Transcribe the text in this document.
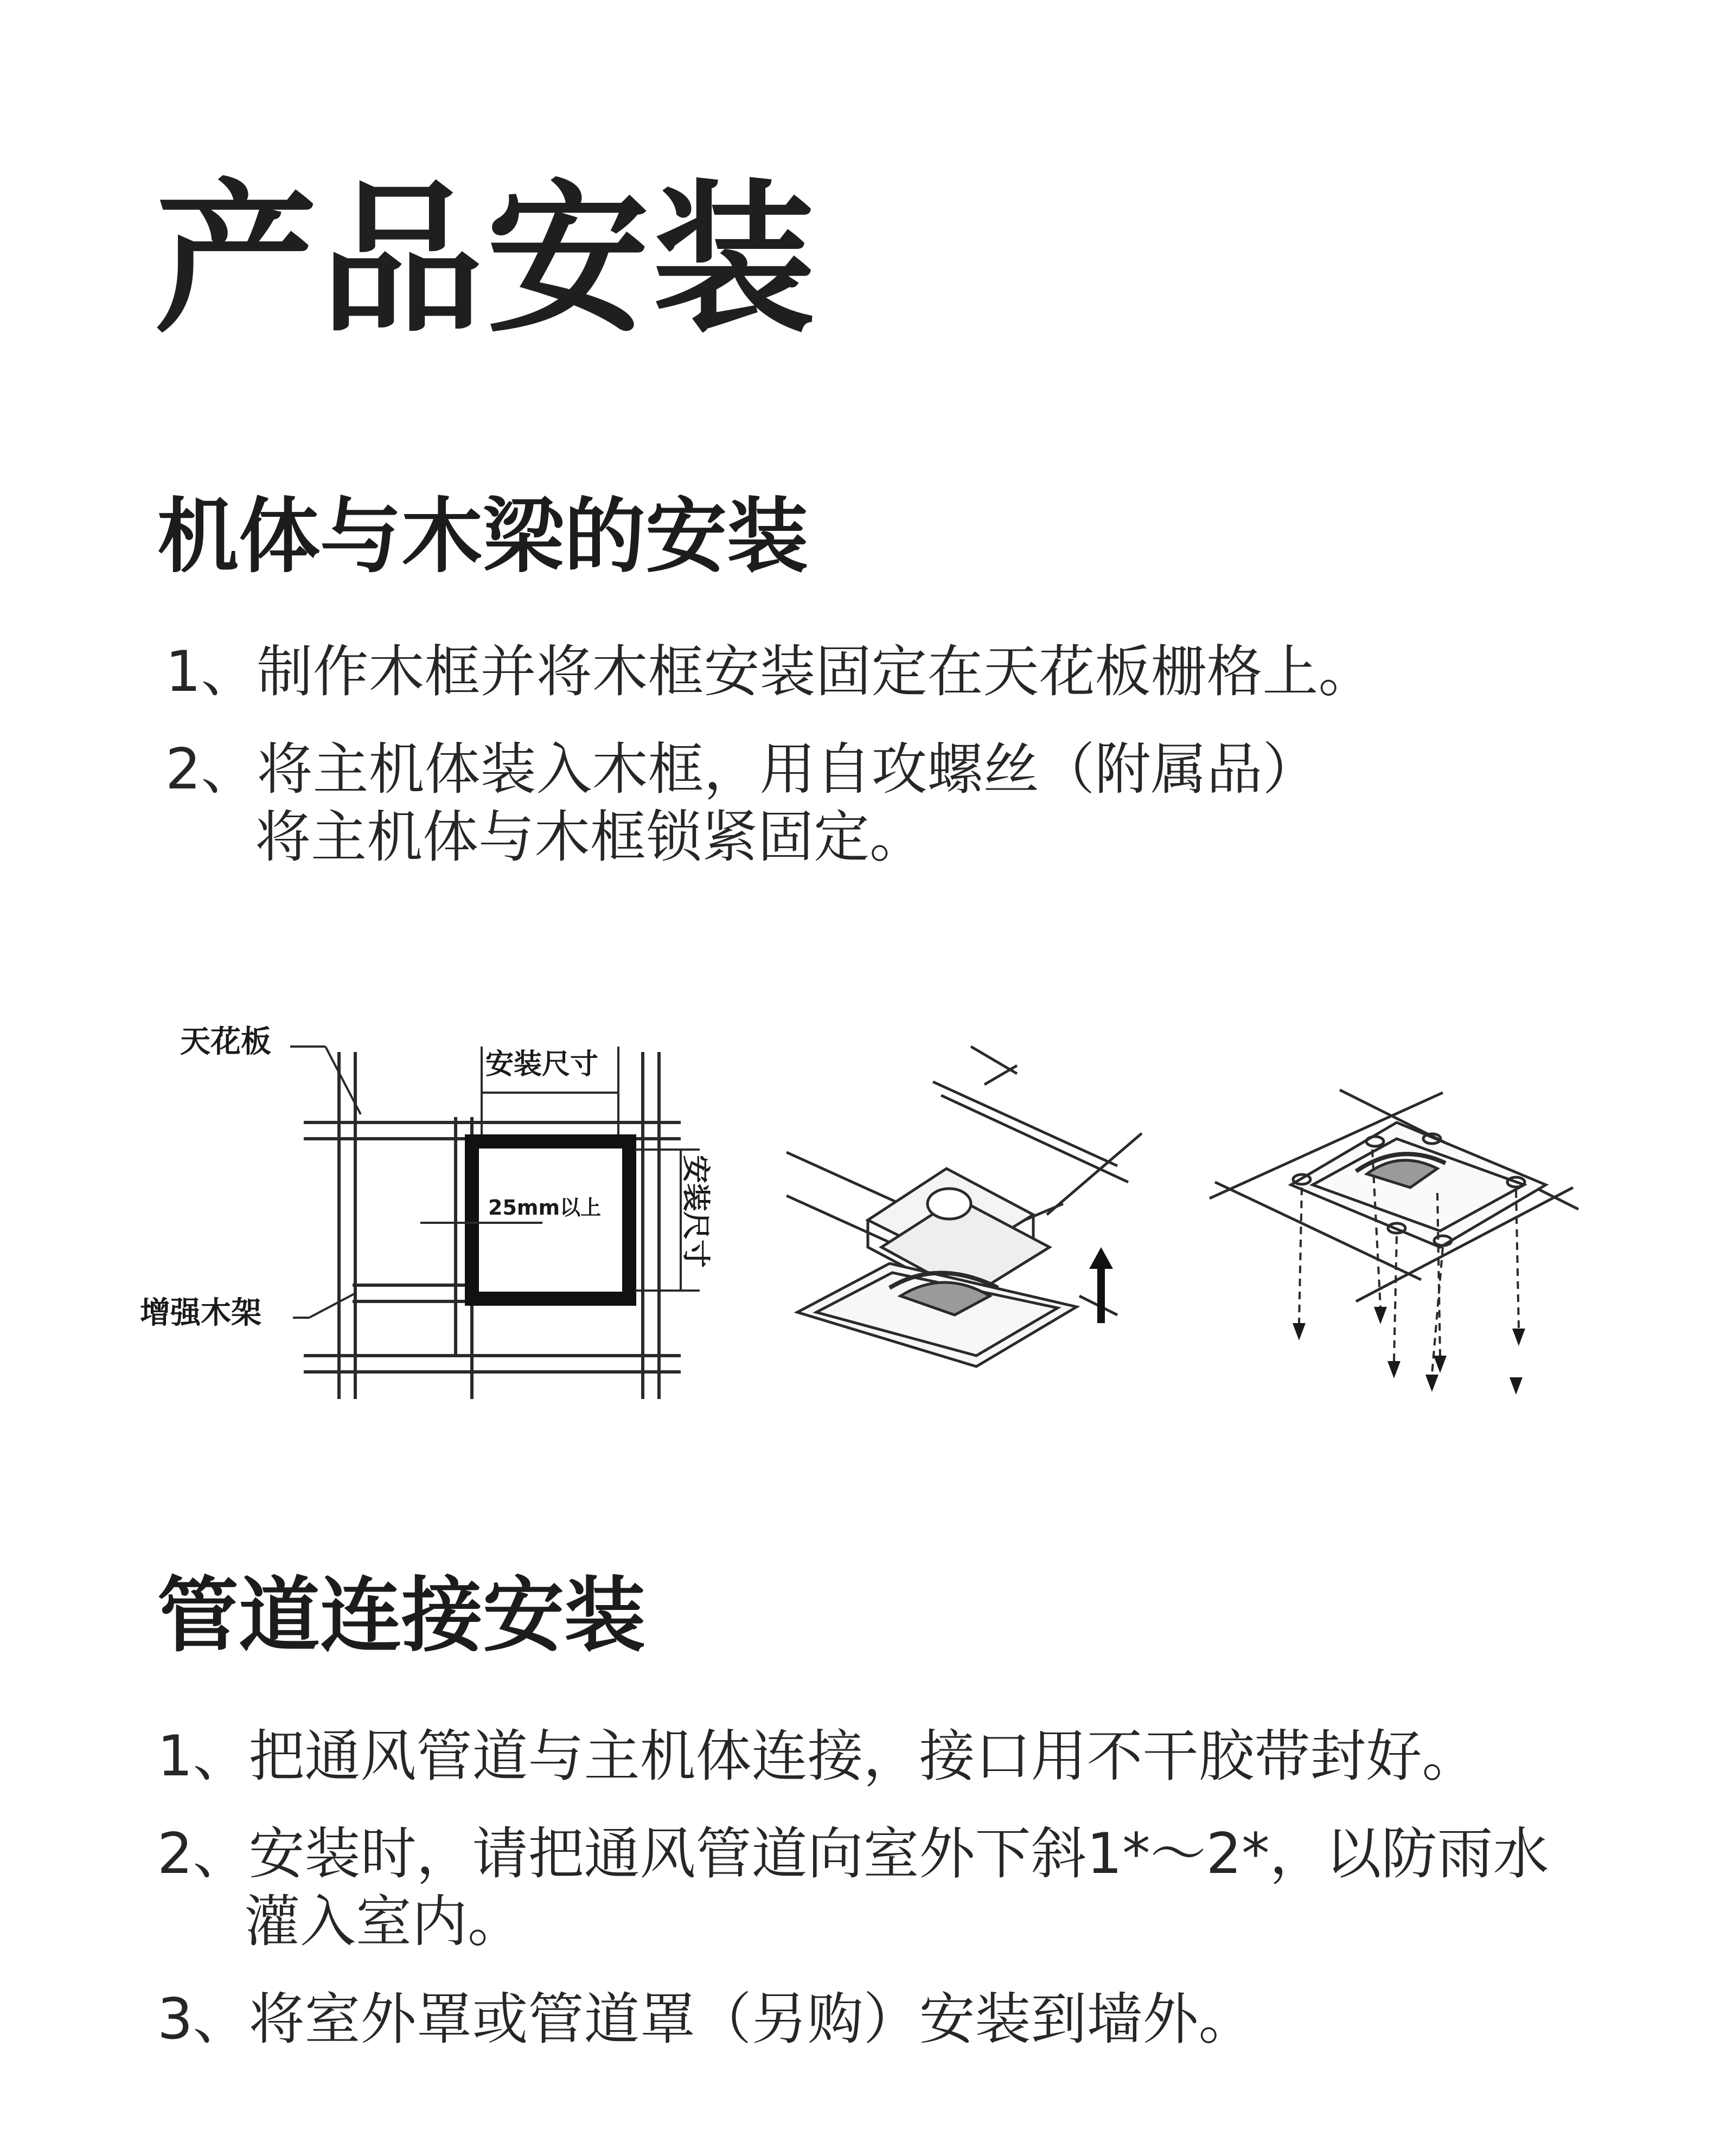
产品安装
机体与木梁的安装
1、制作木框并将木框安装固定在天花板栅格上。
2、将主机体装入木框，用自攻螺丝（附属品）
将主机体与木框锁紧固定。
天花板
安装尺寸
安装尺寸
25mm以上
增强木架
管道连接安装
1、把通风管道与主机体连接，接口用不干胶带封好。
2、安装时，请把通风管道向室外下斜1*～2*，以防雨水
灌入室内。
3、将室外罩或管道罩（另购）安装到墙外。
